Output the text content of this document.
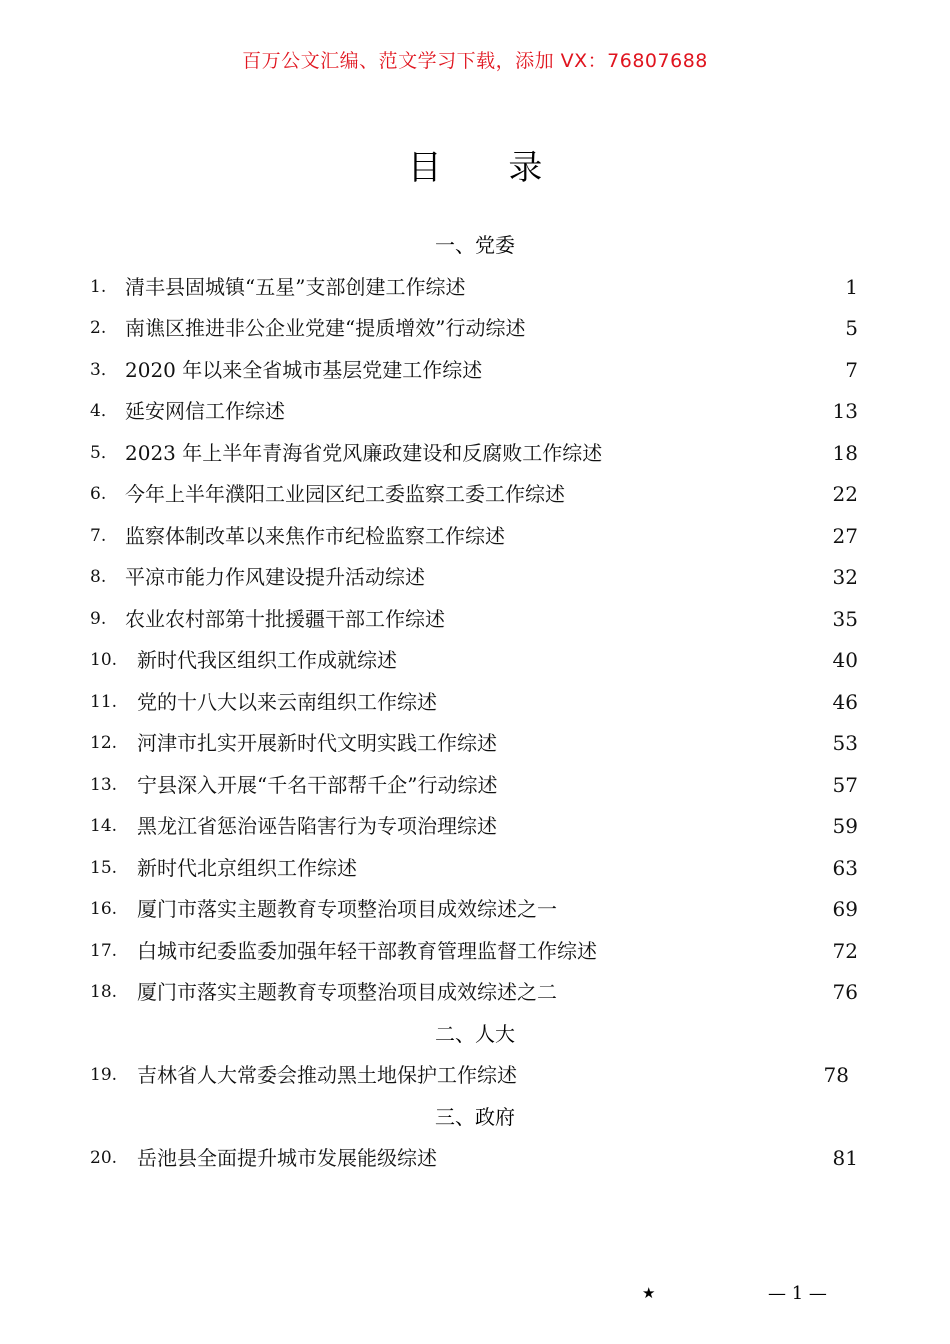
百万公文汇编、范文学习下载，添加 VX：76807688
目 录
一、党委
1. 清丰县固城镇“五星”支部创建工作综述	1
2. 南谯区推进非公企业党建“提质增效”行动综述	5
3． 2020 年以来全省城市基层党建工作综述	7
4． 延安网信工作综述	13
5． 2023 年上半年青海省党风廉政建设和反腐败工作综述	18
6. 今年上半年濮阳工业园区纪工委监察工委工作综述	22
7. 监察体制改革以来焦作市纪检监察工作综述	27
8. 平凉市能力作风建设提升活动综述	32
9. 农业农村部第十批援疆干部工作综述	35
10. 新时代我区组织工作成就综述	40
11. 党的十八大以来云南组织工作综述	46
12. 河津市扎实开展新时代文明实践工作综述	53
13. 宁县深入开展“千名干部帮千企”行动综述	57
14. 黑龙江省惩治诬告陷害行为专项治理综述	59
15. 新时代北京组织工作综述	63
16. 厦门市落实主题教育专项整治项目成效综述之一	69
17. 白城市纪委监委加强年轻干部教育管理监督工作综述	72
18. 厦门市落实主题教育专项整治项目成效综述之二	76
二、人大
19. 吉林省人大常委会推动黑土地保护工作综述	78
三、政府
20. 岳池县全面提升城市发展能级综述	81
★	— 1 —
